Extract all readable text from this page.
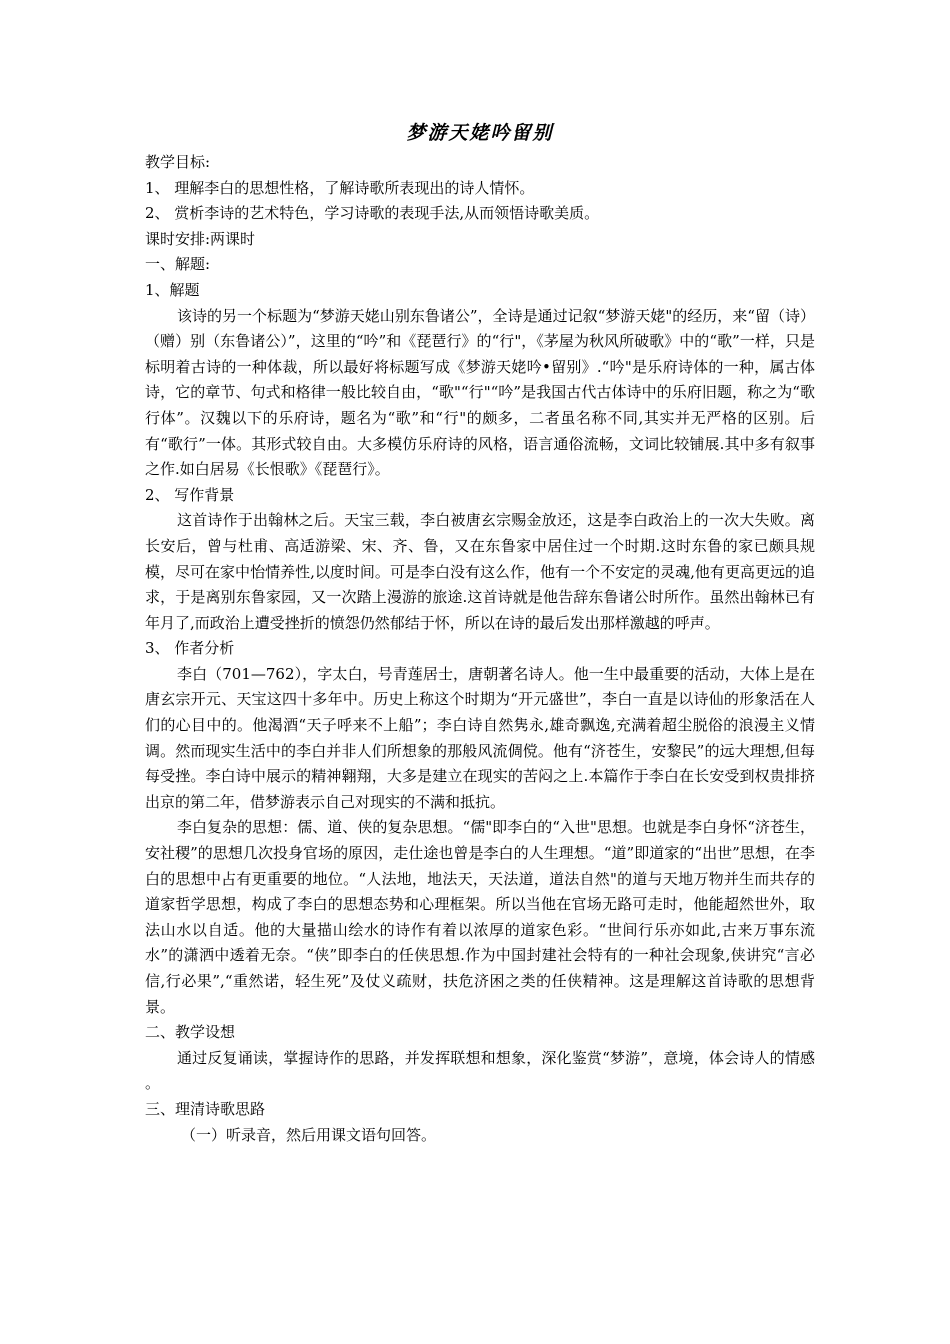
梦游天姥吟留别

教学目标:

1、 理解李白的思想性格，了解诗歌所表现出的诗人情怀。

2、 赏析李诗的艺术特色，学习诗歌的表现手法,从而领悟诗歌美质。

课时安排:两课时

一、解题:

1、解题

该诗的另一个标题为“梦游天姥山别东鲁诸公”，全诗是通过记叙“梦游天姥"的经历，来“留（诗）（赠）别（东鲁诸公）”，这里的“吟”和《琵琶行》的“行"，《茅屋为秋风所破歌》中的“歌”一样，只是标明着古诗的一种体裁，所以最好将标题写成《梦游天姥吟•留别》.“吟"是乐府诗体的一种，属古体诗，它的章节、句式和格律一般比较自由，“歌"“行"“吟”是我国古代古体诗中的乐府旧题，称之为“歌行体”。汉魏以下的乐府诗，题名为“歌”和“行"的颇多，二者虽名称不同,其实并无严格的区别。后有“歌行”一体。其形式较自由。大多模仿乐府诗的风格，语言通俗流畅，文词比较铺展.其中多有叙事之作.如白居易《长恨歌》《琵琶行》。

2、 写作背景

这首诗作于出翰林之后。天宝三载，李白被唐玄宗赐金放还，这是李白政治上的一次大失败。离长安后，曾与杜甫、高适游梁、宋、齐、鲁，又在东鲁家中居住过一个时期.这时东鲁的家已颇具规模，尽可在家中怡情养性,以度时间。可是李白没有这么作，他有一个不安定的灵魂,他有更高更远的追求，于是离别东鲁家园，又一次踏上漫游的旅途.这首诗就是他告辞东鲁诸公时所作。虽然出翰林已有年月了,而政治上遭受挫折的愤怨仍然郁结于怀，所以在诗的最后发出那样激越的呼声。

3、 作者分析

李白（701—762），字太白，号青莲居士，唐朝著名诗人。他一生中最重要的活动，大体上是在唐玄宗开元、天宝这四十多年中。历史上称这个时期为“开元盛世”，李白一直是以诗仙的形象活在人们的心目中的。他渴酒“天子呼来不上船”；李白诗自然隽永,雄奇飘逸,充满着超尘脱俗的浪漫主义情调。然而现实生活中的李白并非人们所想象的那般风流倜傥。他有“济苍生，安黎民”的远大理想,但每每受挫。李白诗中展示的精神翱翔，大多是建立在现实的苦闷之上.本篇作于李白在长安受到权贵排挤出京的第二年，借梦游表示自己对现实的不满和抵抗。

李白复杂的思想：儒、道、侠的复杂思想。“儒"即李白的“入世"思想。也就是李白身怀“济苍生，安社稷”的思想几次投身官场的原因，走仕途也曾是李白的人生理想。“道”即道家的“出世”思想，在李白的思想中占有更重要的地位。“人法地，地法天，天法道，道法自然"的道与天地万物并生而共存的道家哲学思想，构成了李白的思想态势和心理框架。所以当他在官场无路可走时，他能超然世外，取法山水以自适。他的大量描山绘水的诗作有着以浓厚的道家色彩。“世间行乐亦如此,古来万事东流水”的潇洒中透着无奈。“侠”即李白的任侠思想.作为中国封建社会特有的一种社会现象,侠讲究“言必信,行必果”,“重然诺，轻生死”及仗义疏财，扶危济困之类的任侠精神。这是理解这首诗歌的思想背景。

二、教学设想

通过反复诵读，掌握诗作的思路，并发挥联想和想象，深化鉴赏“梦游”，意境，体会诗人的情感 。

三、理清诗歌思路

（一）听录音，然后用课文语句回答。
